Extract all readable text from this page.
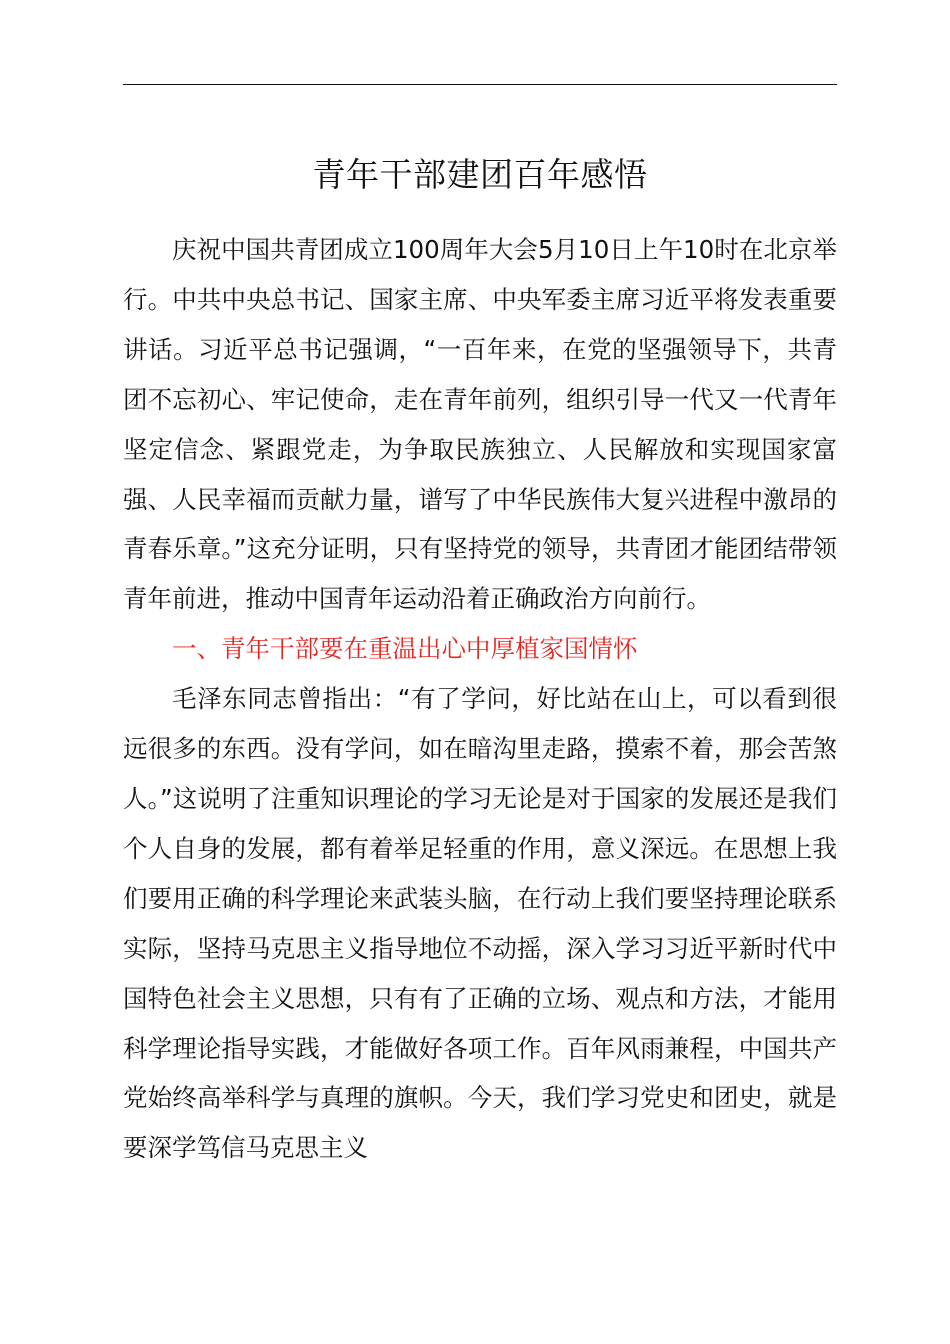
青年干部建团百年感悟

庆祝中国共青团成立100周年大会5月10日上午10时在北京举行。中共中央总书记、国家主席、中央军委主席习近平将发表重要讲话。习近平总书记强调，“一百年来，在党的坚强领导下，共青团不忘初心、牢记使命，走在青年前列，组织引导一代又一代青年坚定信念、紧跟党走，为争取民族独立、人民解放和实现国家富强、人民幸福而贡献力量，谱写了中华民族伟大复兴进程中激昂的青春乐章。”这充分证明，只有坚持党的领导，共青团才能团结带领青年前进，推动中国青年运动沿着正确政治方向前行。

一、青年干部要在重温出心中厚植家国情怀

毛泽东同志曾指出：“有了学问，好比站在山上，可以看到很远很多的东西。没有学问，如在暗沟里走路，摸索不着，那会苦煞人。”这说明了注重知识理论的学习无论是对于国家的发展还是我们个人自身的发展，都有着举足轻重的作用，意义深远。在思想上我们要用正确的科学理论来武装头脑，在行动上我们要坚持理论联系实际，坚持马克思主义指导地位不动摇，深入学习习近平新时代中国特色社会主义思想，只有有了正确的立场、观点和方法，才能用科学理论指导实践，才能做好各项工作。百年风雨兼程，中国共产党始终高举科学与真理的旗帜。今天，我们学习党史和团史，就是要深学笃信马克思主义
